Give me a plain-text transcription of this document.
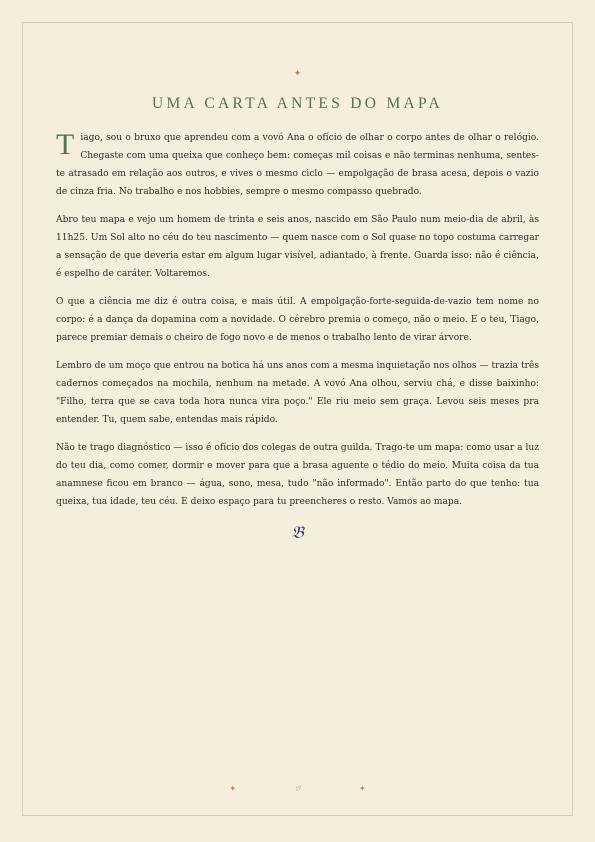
✦
UMA CARTA ANTES DO MAPA

Tiago, sou o bruxo que aprendeu com a vovó Ana o ofício de olhar o corpo antes de olhar o relógio. Chegaste com uma queixa que conheço bem: começas mil coisas e não terminas nenhuma, sentes-te atrasado em relação aos outros, e vives o mesmo ciclo — empolgação de brasa acesa, depois o vazio de cinza fria. No trabalho e nos hobbies, sempre o mesmo compasso quebrado.

Abro teu mapa e vejo um homem de trinta e seis anos, nascido em São Paulo num meio-dia de abril, às 11h25. Um Sol alto no céu do teu nascimento — quem nasce com o Sol quase no topo costuma carregar a sensação de que deveria estar em algum lugar visível, adiantado, à frente. Guarda isso: não é ciência, é espelho de caráter. Voltaremos.

O que a ciência me diz é outra coisa, e mais útil. A empolgação-forte-seguida-de-vazio tem nome no corpo: é a dança da dopamina com a novidade. O cérebro premia o começo, não o meio. E o teu, Tiago, parece premiar demais o cheiro de fogo novo e de menos o trabalho lento de virar árvore.

Lembro de um moço que entrou na botica há uns anos com a mesma inquietação nos olhos — trazia três cadernos começados na mochila, nenhum na metade. A vovó Ana olhou, serviu chá, e disse baixinho: "Filho, terra que se cava toda hora nunca vira poço." Ele riu meio sem graça. Levou seis meses pra entender. Tu, quem sabe, entendas mais rápido.

Não te trago diagnóstico — isso é ofício dos colegas de outra guilda. Trago-te um mapa: como usar a luz do teu dia, como comer, dormir e mover para que a brasa aguente o tédio do meio. Muita coisa da tua anamnese ficou em branco — água, sono, mesa, tudo "não informado". Então parto do que tenho: tua queixa, tua idade, teu céu. E deixo espaço para tu preencheres o resto. Vamos ao mapa.

𝔅
✦	𝔅	✦
